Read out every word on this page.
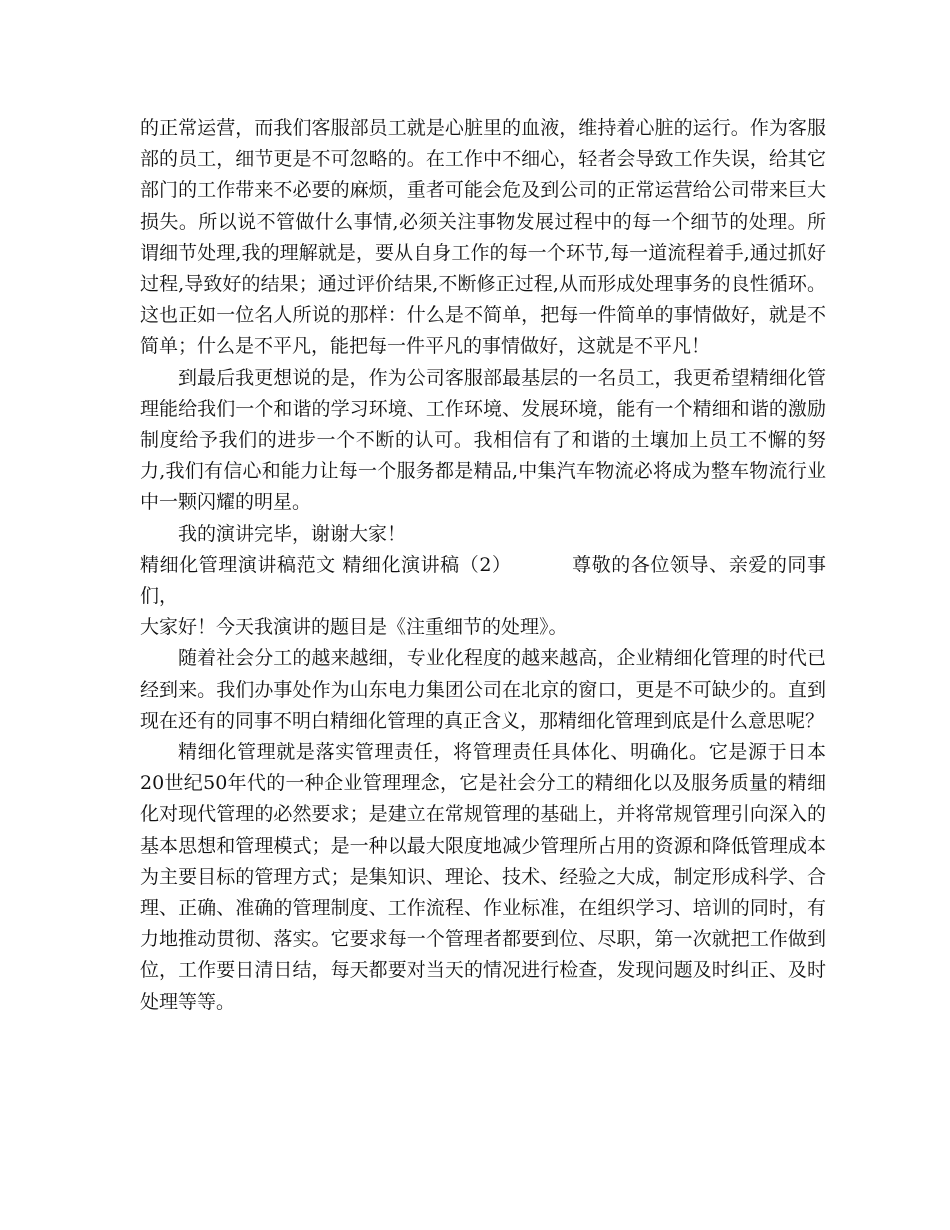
的正常运营，而我们客服部员工就是心脏里的血液，维持着心脏的运行。作为客服部的员工，细节更是不可忽略的。在工作中不细心，轻者会导致工作失误，给其它部门的工作带来不必要的麻烦，重者可能会危及到公司的正常运营给公司带来巨大损失。所以说不管做什么事情,必须关注事物发展过程中的每一个细节的处理。所谓细节处理,我的理解就是，要从自身工作的每一个环节,每一道流程着手,通过抓好过程,导致好的结果；通过评价结果,不断修正过程,从而形成处理事务的良性循环。这也正如一位名人所说的那样：什么是不简单，把每一件简单的事情做好，就是不简单；什么是不平凡，能把每一件平凡的事情做好，这就是不平凡！

到最后我更想说的是，作为公司客服部最基层的一名员工，我更希望精细化管理能给我们一个和谐的学习环境、工作环境、发展环境，能有一个精细和谐的激励制度给予我们的进步一个不断的认可。我相信有了和谐的土壤加上员工不懈的努力,我们有信心和能力让每一个服务都是精品,中集汽车物流必将成为整车物流行业中一颗闪耀的明星。

我的演讲完毕，谢谢大家！

精细化管理演讲稿范文 精细化演讲稿（2）	尊敬的各位领导、亲爱的同事们，

大家好！今天我演讲的题目是《注重细节的处理》。

随着社会分工的越来越细，专业化程度的越来越高，企业精细化管理的时代已经到来。我们办事处作为山东电力集团公司在北京的窗口，更是不可缺少的。直到现在还有的同事不明白精细化管理的真正含义，那精细化管理到底是什么意思呢？

精细化管理就是落实管理责任，将管理责任具体化、明确化。它是源于日本20世纪50年代的一种企业管理理念，它是社会分工的精细化以及服务质量的精细化对现代管理的必然要求；是建立在常规管理的基础上，并将常规管理引向深入的基本思想和管理模式；是一种以最大限度地减少管理所占用的资源和降低管理成本为主要目标的管理方式；是集知识、理论、技术、经验之大成，制定形成科学、合理、正确、准确的管理制度、工作流程、作业标准，在组织学习、培训的同时，有力地推动贯彻、落实。它要求每一个管理者都要到位、尽职，第一次就把工作做到位，工作要日清日结，每天都要对当天的情况进行检查，发现问题及时纠正、及时处理等等。
